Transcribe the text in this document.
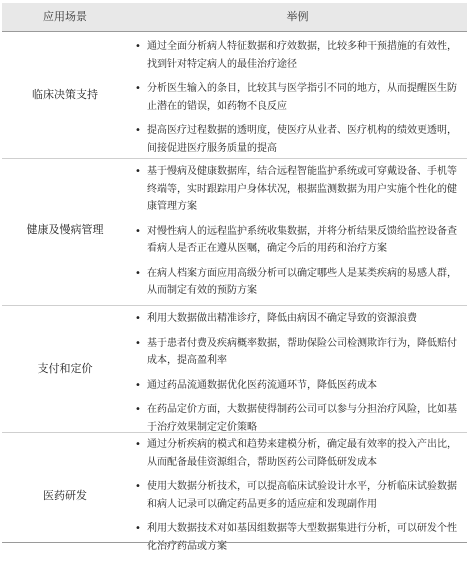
应用场景	举例
临床决策支持
• 通过全面分析病人特征数据和疗效数据，比较多种干预措施的有效性，找到针对特定病人的最佳治疗途径
• 分析医生输入的条目，比较其与医学指引不同的地方，从而提醒医生防止潜在的错误，如药物不良反应
• 提高医疗过程数据的透明度，使医疗从业者、医疗机构的绩效更透明，间接促进医疗服务质量的提高
健康及慢病管理
• 基于慢病及健康数据库，结合远程智能监护系统或可穿戴设备、手机等终端等，实时跟踪用户身体状况，根据监测数据为用户实施个性化的健康管理方案
• 对慢性病人的远程监护系统收集数据，并将分析结果反馈给监控设备查看病人是否正在遵从医嘱，确定今后的用药和治疗方案
• 在病人档案方面应用高级分析可以确定哪些人是某类疾病的易感人群，从而制定有效的预防方案
支付和定价
• 利用大数据做出精准诊疗，降低由病因不确定导致的资源浪费
• 基于患者付费及疾病概率数据，帮助保险公司检测欺诈行为，降低赔付成本，提高盈利率
• 通过药品流通数据优化医药流通环节，降低医药成本
• 在药品定价方面，大数据使得制药公司可以参与分担治疗风险，比如基于治疗效果制定定价策略
医药研发
• 通过分析疾病的模式和趋势来建模分析，确定最有效率的投入产出比，从而配备最佳资源组合，帮助医药公司降低研发成本
• 使用大数据分析技术，可以提高临床试验设计水平，分析临床试验数据和病人记录可以确定药品更多的适应症和发现副作用
• 利用大数据技术对如基因组数据等大型数据集进行分析，可以研发个性化治疗药品或方案
